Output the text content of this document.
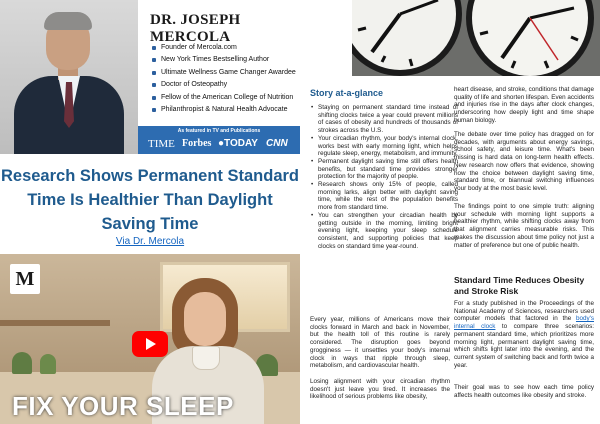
DR. JOSEPH MERCOLA
Founder of Mercola.com
New York Times Bestselling Author
Ultimate Wellness Game Changer Awardee
Doctor of Osteopathy
Fellow of the American College of Nutrition
Philanthropist & Natural Health Advocate
As featured in TV and Publications
TIME Forbes ●TODAY CNN
Research Shows Permanent Standard Time Is Healthier Than Daylight Saving Time
Via Dr. Mercola
M
FIX YOUR SLEEP
Story at-a-glance
• Staying on permanent standard time instead of shifting clocks twice a year could prevent millions of cases of obesity and hundreds of thousands of strokes across the U.S.
• Your circadian rhythm, your body's internal clock, works best with early morning light, which helps regulate sleep, energy, metabolism, and immunity.
• Permanent daylight saving time still offers health benefits, but standard time provides stronger protection for the majority of people.
• Research shows only 15% of people, called morning larks, align better with daylight saving time, while the rest of the population benefits more from standard time.
• You can strengthen your circadian health by getting outside in the morning, limiting bright evening light, keeping your sleep schedule consistent, and supporting policies that keep clocks on standard time year-round.

Every year, millions of Americans move their clocks forward in March and back in November, but the health toll of this routine is rarely considered. The disruption goes beyond grogginess — it unsettles your body's internal clock in ways that ripple through sleep, metabolism, and cardiovascular health.

Losing alignment with your circadian rhythm doesn't just leave you tired. It increases the likelihood of serious problems like obesity,

heart disease, and stroke, conditions that damage quality of life and shorten lifespan. Even accidents and injuries rise in the days after clock changes, underscoring how deeply light and time shape human biology.

The debate over time policy has dragged on for decades, with arguments about energy savings, school safety, and leisure time. What's been missing is hard data on long-term health effects. New research now offers that evidence, showing how the choice between daylight saving time, standard time, or biannual switching influences your body at the most basic level.

The findings point to one simple truth: aligning your schedule with morning light supports a healthier rhythm, while shifting clocks away from that alignment carries measurable risks. This makes the discussion about time policy not just a matter of preference but one of public health.

Standard Time Reduces Obesity and Stroke Risk

For a study published in the Proceedings of the National Academy of Sciences, researchers used computer models that factored in the body's internal clock to compare three scenarios: permanent standard time, which prioritizes more morning light, permanent daylight saving time, which shifts light later into the evening, and the current system of switching back and forth twice a year.

Their goal was to see how each time policy affects health outcomes like obesity and stroke.
